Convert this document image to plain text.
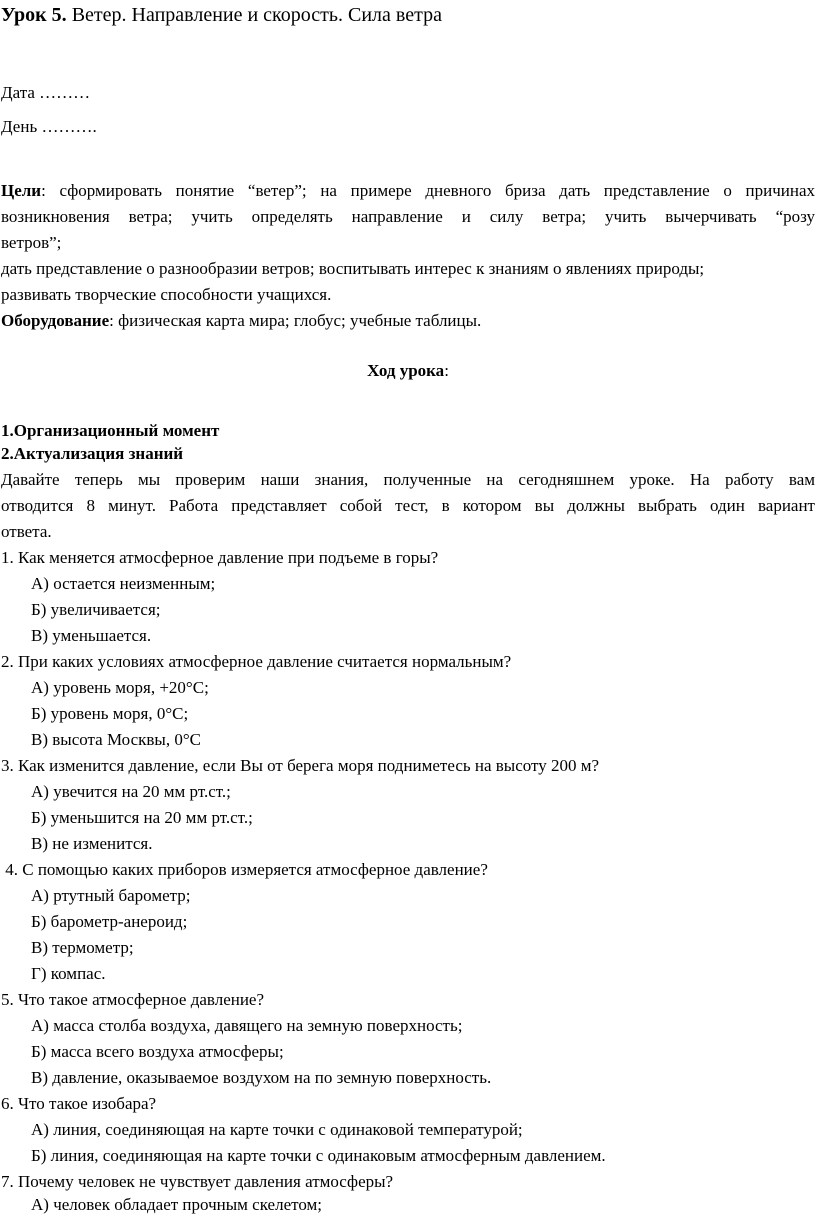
Урок 5. Ветер. Направление и скорость. Сила ветра
Дата ………
День ……….
Цели: сформировать понятие “ветер”; на примере дневного бриза дать представление о причинах
возникновения ветра; учить определять направление и силу ветра; учить вычерчивать “розу
ветров”;
дать представление о разнообразии ветров; воспитывать интерес к знаниям о явлениях природы;
развивать творческие способности учащихся.
Оборудование: физическая карта мира; глобус; учебные таблицы.
Ход урока:
1.Организационный момент
2.Актуализация знаний
Давайте теперь мы проверим наши знания, полученные на сегодняшнем уроке. На работу вам
отводится 8 минут. Работа представляет собой тест, в котором вы должны выбрать один вариант
ответа.
1. Как меняется атмосферное давление при подъеме в горы?
А) остается неизменным;
Б) увеличивается;
В) уменьшается.
2. При каких условиях атмосферное давление считается нормальным?
А) уровень моря, +20°С;
Б) уровень моря, 0°С;
В) высота Москвы, 0°С
3. Как изменится давление, если Вы от берега моря подниметесь на высоту 200 м?
А) увечится на 20 мм рт.ст.;
Б) уменьшится на 20 мм рт.ст.;
В) не изменится.
4. С помощью каких приборов измеряется атмосферное давление?
А) ртутный барометр;
Б) барометр-анероид;
В) термометр;
Г) компас.
5. Что такое атмосферное давление?
А) масса столба воздуха, давящего на земную поверхность;
Б) масса всего воздуха атмосферы;
В) давление, оказываемое воздухом на по земную поверхность.
6. Что такое изобара?
А) линия, соединяющая на карте точки с одинаковой температурой;
Б) линия, соединяющая на карте точки с одинаковым атмосферным давлением.
7. Почему человек не чувствует давления атмосферы?
А) человек обладает прочным скелетом;
